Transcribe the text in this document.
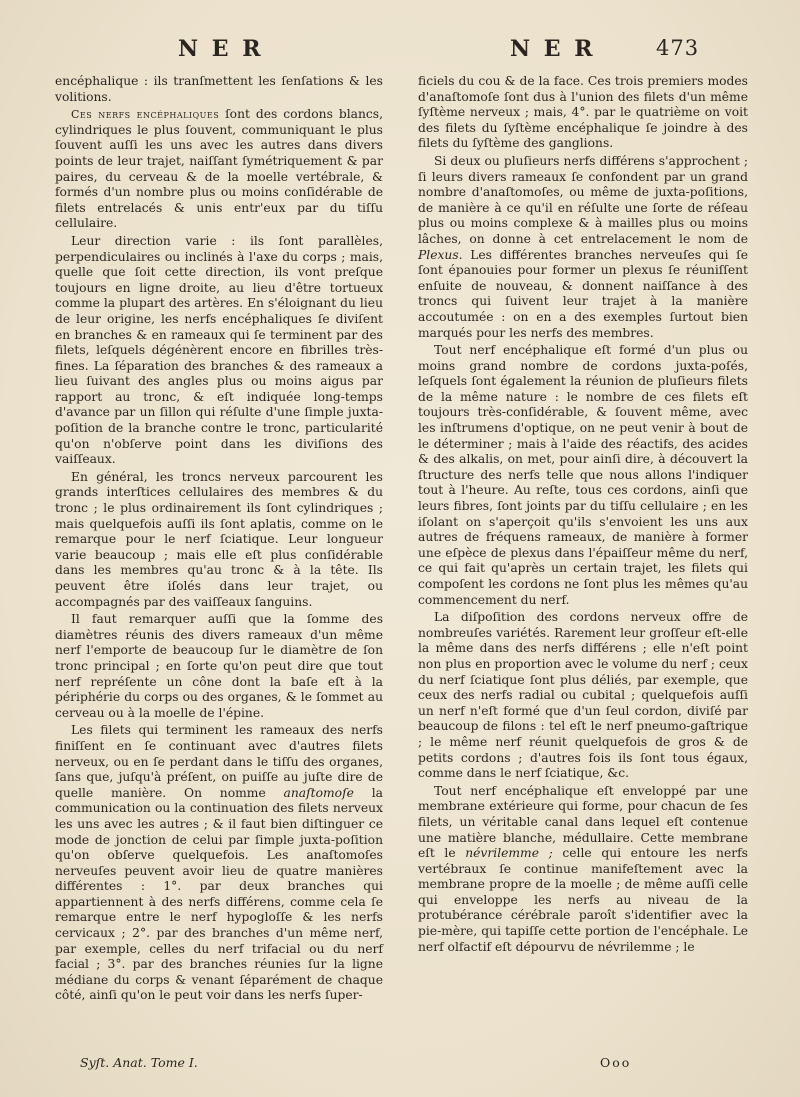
N E R	N E R	473

encéphalique : ils tranſmettent les ſenſations & les volitions.

Ces nerfs encéphaliques ſont des cordons blancs, cylindriques le plus ſouvent, communiquant le plus ſouvent auſſi les uns avec les autres dans divers points de leur trajet, naiſſant ſymétriquement & par paires, du cerveau & de la moelle vertébrale, & formés d'un nombre plus ou moins conſidérable de filets entrelacés & unis entr'eux par du tiſſu cellulaire.

Leur direction varie : ils ſont parallèles, perpendiculaires ou inclinés à l'axe du corps ; mais, quelle que ſoit cette direction, ils vont preſque toujours en ligne droite, au lieu d'être tortueux comme la plupart des artères. En s'éloignant du lieu de leur origine, les nerfs encéphaliques ſe diviſent en branches & en rameaux qui ſe terminent par des filets, leſquels dégénèrent encore en fibrilles très-fines. La ſéparation des branches & des rameaux a lieu ſuivant des angles plus ou moins aigus par rapport au tronc, & eſt indiquée long-temps d'avance par un ſillon qui réſulte d'une ſimple juxta-poſition de la branche contre le tronc, particularité qu'on n'obſerve point dans les diviſions des vaiſſeaux.

En général, les troncs nerveux parcourent les grands interſtices cellulaires des membres & du tronc ; le plus ordinairement ils ſont cylindriques ; mais quelquefois auſſi ils ſont aplatis, comme on le remarque pour le nerf ſciatique. Leur longueur varie beaucoup ; mais elle eſt plus conſidérable dans les membres qu'au tronc & à la tête. Ils peuvent être iſolés dans leur trajet, ou accompagnés par des vaiſſeaux ſanguins.

Il faut remarquer auſſi que la ſomme des diamètres réunis des divers rameaux d'un même nerf l'emporte de beaucoup ſur le diamètre de ſon tronc principal ; en ſorte qu'on peut dire que tout nerf repréſente un cône dont la baſe eſt à la périphérie du corps ou des organes, & le ſommet au cerveau ou à la moelle de l'épine.

Les filets qui terminent les rameaux des nerfs finiſſent en ſe continuant avec d'autres filets nerveux, ou en ſe perdant dans le tiſſu des organes, ſans que, juſqu'à préſent, on puiſſe au juſte dire de quelle manière. On nomme anaſtomoſe la communication ou la continuation des filets nerveux les uns avec les autres ; & il faut bien diſtinguer ce mode de jonction de celui par ſimple juxta-poſition qu'on obſerve quelquefois. Les anaſtomoſes nerveuſes peuvent avoir lieu de quatre manières différentes : 1°. par deux branches qui appartiennent à des nerfs différens, comme cela ſe remarque entre le nerf hypogloſſe & les nerfs cervicaux ; 2°. par des branches d'un même nerf, par exemple, celles du nerf trifacial ou du nerf facial ; 3°. par des branches réunies ſur la ligne médiane du corps & venant ſéparément de chaque côté, ainſi qu'on le peut voir dans les nerfs ſuper-

ficiels du cou & de la face. Ces trois premiers modes d'anaſtomoſe ſont dus à l'union des filets d'un même ſyſtème nerveux ; mais, 4°. par le quatrième on voit des filets du ſyſtème encéphalique ſe joindre à des filets du ſyſtème des ganglions.

Si deux ou pluſieurs nerfs différens s'approchent ; ſi leurs divers rameaux ſe confondent par un grand nombre d'anaſtomoſes, ou même de juxta-poſitions, de manière à ce qu'il en réſulte une ſorte de réſeau plus ou moins complexe & à mailles plus ou moins lâches, on donne à cet entrelacement le nom de Plexus. Les différentes branches nerveuſes qui ſe ſont épanouies pour former un plexus ſe réuniſſent enſuite de nouveau, & donnent naiſſance à des troncs qui ſuivent leur trajet à la manière accoutumée : on en a des exemples ſurtout bien marqués pour les nerfs des membres.

Tout nerf encéphalique eſt formé d'un plus ou moins grand nombre de cordons juxta-poſés, leſquels ſont également la réunion de pluſieurs filets de la même nature : le nombre de ces filets eſt toujours très-conſidérable, & ſouvent même, avec les inſtrumens d'optique, on ne peut venir à bout de le déterminer ; mais à l'aide des réactifs, des acides & des alkalis, on met, pour ainſi dire, à découvert la ſtructure des nerfs telle que nous allons l'indiquer tout à l'heure. Au reſte, tous ces cordons, ainſi que leurs fibres, ſont joints par du tiſſu cellulaire ; en les iſolant on s'aperçoit qu'ils s'envoient les uns aux autres de fréquens rameaux, de manière à former une eſpèce de plexus dans l'épaiſſeur même du nerf, ce qui fait qu'après un certain trajet, les filets qui compoſent les cordons ne ſont plus les mêmes qu'au commencement du nerf.

La diſpoſition des cordons nerveux offre de nombreuſes variétés. Rarement leur groſſeur eſt-elle la même dans des nerfs différens ; elle n'eſt point non plus en proportion avec le volume du nerf ; ceux du nerf ſciatique ſont plus déliés, par exemple, que ceux des nerfs radial ou cubital ; quelquefois auſſi un nerf n'eſt formé que d'un ſeul cordon, diviſé par beaucoup de filons : tel eſt le nerf pneumo-gaſtrique ; le même nerf réunit quelquefois de gros & de petits cordons ; d'autres fois ils ſont tous égaux, comme dans le nerf ſciatique, &c.

Tout nerf encéphalique eſt enveloppé par une membrane extérieure qui forme, pour chacun de ſes filets, un véritable canal dans lequel eſt contenue une matière blanche, médullaire. Cette membrane eſt le névrilemme ; celle qui entoure les nerfs vertébraux ſe continue manifeſtement avec la membrane propre de la moelle ; de même auſſi celle qui enveloppe les nerfs au niveau de la protubérance cérébrale paroît s'identifier avec la pie-mère, qui tapiſſe cette portion de l'encéphale. Le nerf olfactif eſt dépourvu de névrilemme ; le

Syſt. Anat. Tome I.	Ooo
